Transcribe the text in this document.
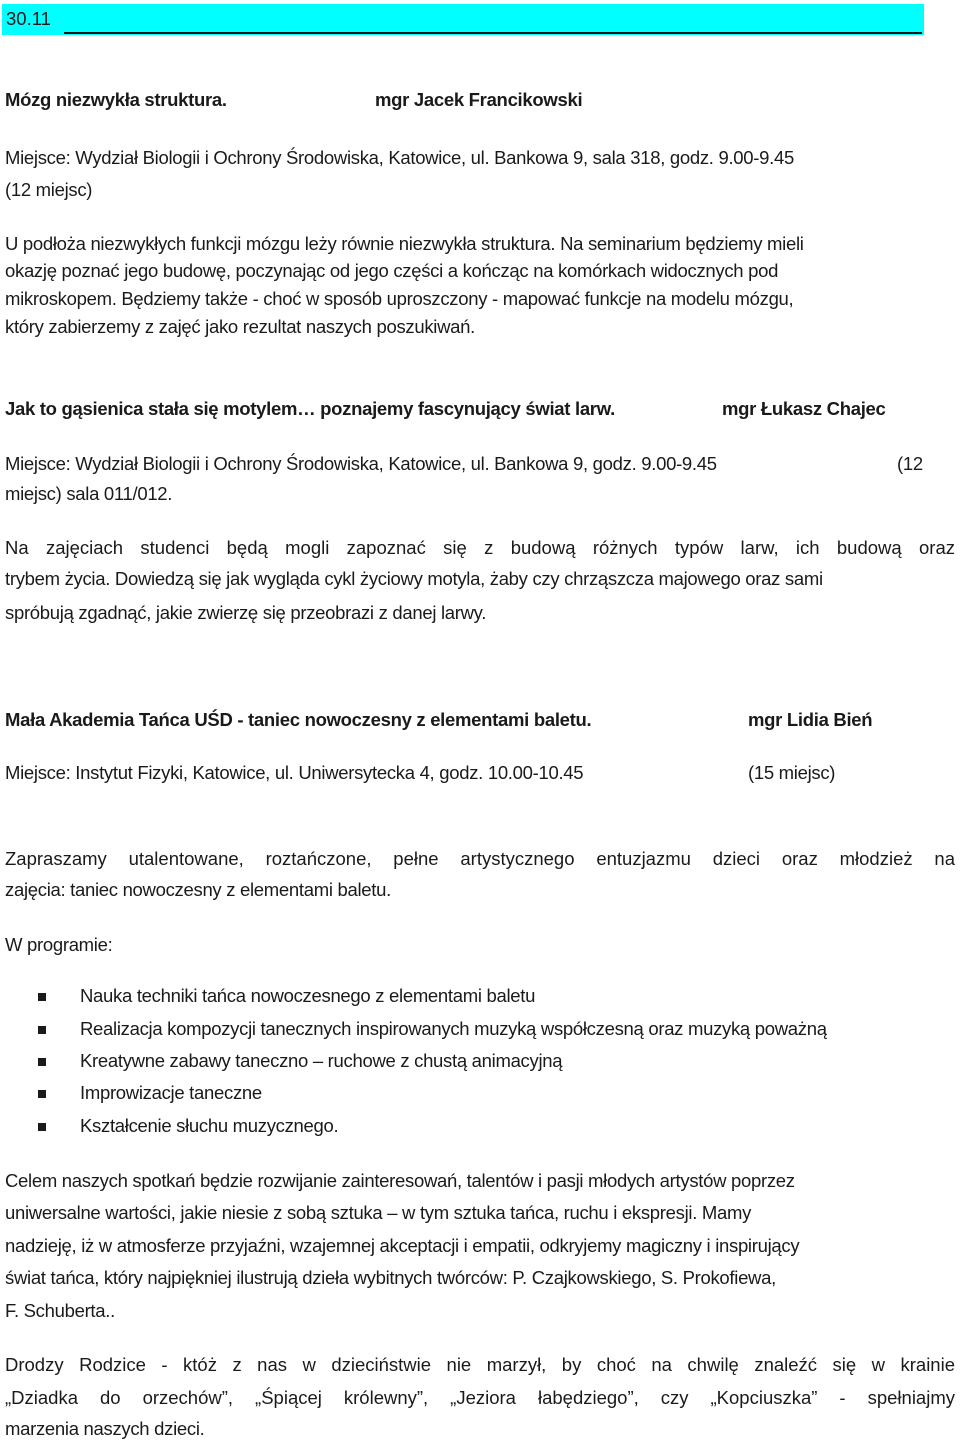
30.11
Mózg niezwykła struktura.	mgr Jacek Francikowski
Miejsce: Wydział Biologii i Ochrony Środowiska, Katowice, ul. Bankowa 9, sala 318, godz. 9.00-9.45
(12 miejsc)
U podłoża niezwykłych funkcji mózgu leży równie niezwykła struktura. Na seminarium będziemy mieli
okazję poznać jego budowę, poczynając od jego części a kończąc na komórkach widocznych pod
mikroskopem. Będziemy także - choć w sposób uproszczony - mapować funkcje na modelu mózgu,
który zabierzemy z zajęć jako rezultat naszych poszukiwań.
Jak to gąsienica stała się motylem… poznajemy fascynujący świat larw.	mgr Łukasz Chajec
Miejsce: Wydział Biologii i Ochrony Środowiska, Katowice, ul. Bankowa 9, godz. 9.00-9.45	(12
miejsc) sala 011/012.
Na zajęciach studenci będą mogli zapoznać się z budową różnych typów larw, ich budową oraz
trybem życia. Dowiedzą się jak wygląda cykl życiowy motyla, żaby czy chrząszcza majowego oraz sami
spróbują zgadnąć, jakie zwierzę się przeobrazi z danej larwy.
Mała Akademia Tańca UŚD - taniec nowoczesny z elementami baletu.	mgr Lidia Bień
Miejsce: Instytut Fizyki, Katowice, ul. Uniwersytecka 4, godz. 10.00-10.45	(15 miejsc)
Zapraszamy utalentowane, roztańczone, pełne artystycznego entuzjazmu dzieci oraz młodzież na
zajęcia: taniec nowoczesny z elementami baletu.
W programie:
Nauka techniki tańca nowoczesnego z elementami baletu
Realizacja kompozycji tanecznych inspirowanych muzyką współczesną oraz muzyką poważną
Kreatywne zabawy taneczno – ruchowe z chustą animacyjną
Improwizacje taneczne
Kształcenie słuchu muzycznego.
Celem naszych spotkań będzie rozwijanie zainteresowań, talentów i pasji młodych artystów poprzez
uniwersalne wartości, jakie niesie z sobą sztuka – w tym sztuka tańca, ruchu i ekspresji. Mamy
nadzieję, iż w atmosferze przyjaźni, wzajemnej akceptacji i empatii, odkryjemy magiczny i inspirujący
świat tańca, który najpiękniej ilustrują dzieła wybitnych twórców: P. Czajkowskiego, S. Prokofiewa,
F. Schuberta..
Drodzy Rodzice - któż z nas w dzieciństwie nie marzył, by choć na chwilę znaleźć się w krainie
„Dziadka do orzechów”, „Śpiącej królewny”, „Jeziora łabędziego”, czy „Kopciuszka” - spełniajmy
marzenia naszych dzieci.
